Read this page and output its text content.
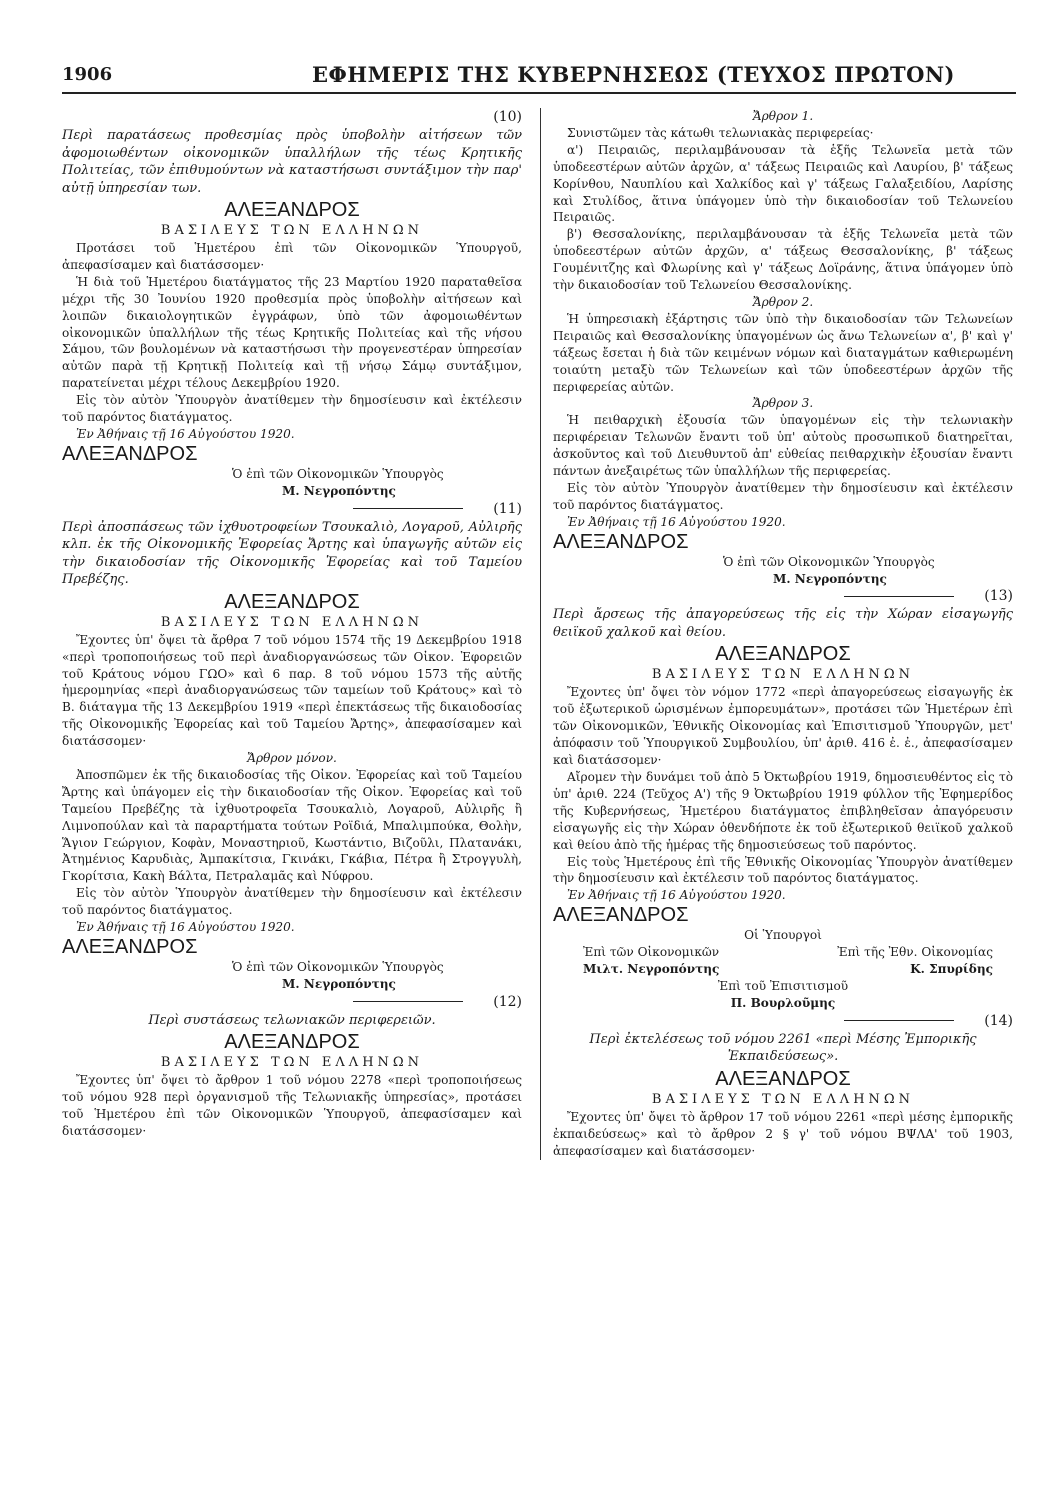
1906	ΕΦΗΜΕΡΙΣ ΤΗΣ ΚΥΒΕΡΝΗΣΕΩΣ (ΤΕΥΧΟΣ ΠΡΩΤΟΝ)
(10)
Περὶ παρατάσεως προθεσμίας πρὸς ὑποβολὴν αἰτήσεων τῶν ἀφομοιωθέντων οἰκονομικῶν ὑπαλλήλων τῆς τέως Κρητικῆς Πολιτείας, τῶν ἐπιθυμούντων νὰ καταστήσωσι συντάξιμον τὴν παρ' αὐτῇ ὑπηρεσίαν των.
ΑΛΕΞΑΝΔΡΟΣ
ΒΑΣΙΛΕΥΣ ΤΩΝ ΕΛΛΗΝΩΝ
Προτάσει τοῦ Ἡμετέρου ἐπὶ τῶν Οἰκονομικῶν Ὑπουργοῦ, ἀπεφασίσαμεν καὶ διατάσσομεν·
Ἡ διὰ τοῦ Ἡμετέρου διατάγματος τῆς 23 Μαρτίου 1920 παραταθεῖσα μέχρι τῆς 30 Ἰουνίου 1920 προθεσμία πρὸς ὑποβολὴν αἰτήσεων καὶ λοιπῶν δικαιολογητικῶν ἐγγράφων, ὑπὸ τῶν ἀφομοιωθέντων οἰκονομικῶν ὑπαλλήλων τῆς τέως Κρητικῆς Πολιτείας καὶ τῆς νήσου Σάμου, τῶν βουλομένων νὰ καταστήσωσι τὴν προγενεστέραν ὑπηρεσίαν αὐτῶν παρὰ τῇ Κρητικῇ Πολιτείᾳ καὶ τῇ νήσῳ Σάμῳ συντάξιμον, παρατείνεται μέχρι τέλους Δεκεμβρίου 1920.
Εἰς τὸν αὐτὸν Ὑπουργὸν ἀνατίθεμεν τὴν δημοσίευσιν καὶ ἐκτέλεσιν τοῦ παρόντος διατάγματος.
Ἐν Ἀθήναις τῇ 16 Αὐγούστου 1920.
ΑΛΕΞΑΝΔΡΟΣ
Ὁ ἐπὶ τῶν Οἰκονομικῶν Ὑπουργὸς
Μ. Νεγροπόντης
(11)
Περὶ ἀποσπάσεως τῶν ἰχθυοτροφείων Τσουκαλιὸ, Λογαροῦ, Αὐλιρῆς κλπ. ἐκ τῆς Οἰκονομικῆς Ἐφορείας Ἄρτης καὶ ὑπαγωγῆς αὐτῶν εἰς τὴν δικαιοδοσίαν τῆς Οἰκονομικῆς Ἐφορείας καὶ τοῦ Ταμείου Πρεβέζης.
ΑΛΕΞΑΝΔΡΟΣ
ΒΑΣΙΛΕΥΣ ΤΩΝ ΕΛΛΗΝΩΝ
Ἔχοντες ὑπ' ὄψει τὰ ἄρθρα 7 τοῦ νόμου 1574 τῆς 19 Δεκεμβρίου 1918 «περὶ τροποποιήσεως τοῦ περὶ ἀναδιοργανώσεως τῶν Οἰκον. Ἐφορειῶν τοῦ Κράτους νόμου ΓΩΟ» καὶ 6 παρ. 8 τοῦ νόμου 1573 τῆς αὐτῆς ἡμερομηνίας «περὶ ἀναδιοργανώσεως τῶν ταμείων τοῦ Κράτους» καὶ τὸ Β. διάταγμα τῆς 13 Δεκεμβρίου 1919 «περὶ ἐπεκτάσεως τῆς δικαιοδοσίας τῆς Οἰκονομικῆς Ἐφορείας καὶ τοῦ Ταμείου Ἄρτης», ἀπεφασίσαμεν καὶ διατάσσομεν·
Ἄρθρον μόνον.
Ἀποσπῶμεν ἐκ τῆς δικαιοδοσίας τῆς Οἰκον. Ἐφορείας καὶ τοῦ Ταμείου Ἄρτης καὶ ὑπάγομεν εἰς τὴν δικαιοδοσίαν τῆς Οἰκον. Ἐφορείας καὶ τοῦ Ταμείου Πρεβέζης τὰ ἰχθυοτροφεῖα Τσουκαλιὸ, Λογαροῦ, Αὐλιρῆς ἢ Λιμνοπούλαν καὶ τὰ παραρτήματα τούτων Ροϊδιά, Μπαλιμπούκα, Θολὴν, Ἅγιον Γεώργιον, Κοφὰν, Μοναστηριοῦ, Κωστάντιο, Βιζοῦλι, Πλατανάκι, Ἀτημένιος Καρυδιὰς, Ἀμπακίτσια, Γκινάκι, Γκάβια, Πέτρα ἢ Στρογγυλὴ, Γκορίτσια, Κακὴ Βάλτα, Πετραλαμᾶς καὶ Νύφρου.
Εἰς τὸν αὐτὸν Ὑπουργὸν ἀνατίθεμεν τὴν δημοσίευσιν καὶ ἐκτέλεσιν τοῦ παρόντος διατάγματος.
Ἐν Ἀθήναις τῇ 16 Αὐγούστου 1920.
ΑΛΕΞΑΝΔΡΟΣ
Ὁ ἐπὶ τῶν Οἰκονομικῶν Ὑπουργὸς
Μ. Νεγροπόντης
(12)
Περὶ συστάσεως τελωνιακῶν περιφερειῶν.
ΑΛΕΞΑΝΔΡΟΣ
ΒΑΣΙΛΕΥΣ ΤΩΝ ΕΛΛΗΝΩΝ
Ἔχοντες ὑπ' ὄψει τὸ ἄρθρον 1 τοῦ νόμου 2278 «περὶ τροποποιήσεως τοῦ νόμου 928 περὶ ὀργανισμοῦ τῆς Τελωνιακῆς ὑπηρεσίας», προτάσει τοῦ Ἡμετέρου ἐπὶ τῶν Οἰκονομικῶν Ὑπουργοῦ, ἀπεφασίσαμεν καὶ διατάσσομεν·
Ἄρθρον 1.
Συνιστῶμεν τὰς κάτωθι τελωνιακὰς περιφερείας·
α') Πειραιῶς, περιλαμβάνουσαν τὰ ἑξῆς Τελωνεῖα μετὰ τῶν ὑποδεεστέρων αὐτῶν ἀρχῶν, α' τάξεως Πειραιῶς καὶ Λαυρίου, β' τάξεως Κορίνθου, Ναυπλίου καὶ Χαλκίδος καὶ γ' τάξεως Γαλαξειδίου, Λαρίσης καὶ Στυλίδος, ἅτινα ὑπάγομεν ὑπὸ τὴν δικαιοδοσίαν τοῦ Τελωνείου Πειραιῶς.
β') Θεσσαλονίκης, περιλαμβάνουσαν τὰ ἑξῆς Τελωνεῖα μετὰ τῶν ὑποδεεστέρων αὐτῶν ἀρχῶν, α' τάξεως Θεσσαλονίκης, β' τάξεως Γουμένιτζης καὶ Φλωρίνης καὶ γ' τάξεως Δοϊράνης, ἅτινα ὑπάγομεν ὑπὸ τὴν δικαιοδοσίαν τοῦ Τελωνείου Θεσσαλονίκης.
Ἄρθρον 2.
Ἡ ὑπηρεσιακὴ ἐξάρτησις τῶν ὑπὸ τὴν δικαιοδοσίαν τῶν Τελωνείων Πειραιῶς καὶ Θεσσαλονίκης ὑπαγομένων ὡς ἄνω Τελωνείων α', β' καὶ γ' τάξεως ἔσεται ἡ διὰ τῶν κειμένων νόμων καὶ διαταγμάτων καθιερωμένη τοιαύτη μεταξὺ τῶν Τελωνείων καὶ τῶν ὑποδεεστέρων ἀρχῶν τῆς περιφερείας αὐτῶν.
Ἄρθρον 3.
Ἡ πειθαρχικὴ ἐξουσία τῶν ὑπαγομένων εἰς τὴν τελωνιακὴν περιφέρειαν Τελωνῶν ἔναντι τοῦ ὑπ' αὐτοὺς προσωπικοῦ διατηρεῖται, ἀσκοῦντος καὶ τοῦ Διευθυντοῦ ἀπ' εὐθείας πειθαρχικὴν ἐξουσίαν ἔναντι πάντων ἀνεξαιρέτως τῶν ὑπαλλήλων τῆς περιφερείας.
Εἰς τὸν αὐτὸν Ὑπουργὸν ἀνατίθεμεν τὴν δημοσίευσιν καὶ ἐκτέλεσιν τοῦ παρόντος διατάγματος.
Ἐν Ἀθήναις τῇ 16 Αὐγούστου 1920.
ΑΛΕΞΑΝΔΡΟΣ
Ὁ ἐπὶ τῶν Οἰκονομικῶν Ὑπουργὸς
Μ. Νεγροπόντης
(13)
Περὶ ἄρσεως τῆς ἀπαγορεύσεως τῆς εἰς τὴν Χώραν εἰσαγωγῆς θειϊκοῦ χαλκοῦ καὶ θείου.
ΑΛΕΞΑΝΔΡΟΣ
ΒΑΣΙΛΕΥΣ ΤΩΝ ΕΛΛΗΝΩΝ
Ἔχοντες ὑπ' ὄψει τὸν νόμον 1772 «περὶ ἀπαγορεύσεως εἰσαγωγῆς ἐκ τοῦ ἐξωτερικοῦ ὡρισμένων ἐμπορευμάτων», προτάσει τῶν Ἡμετέρων ἐπὶ τῶν Οἰκονομικῶν, Ἐθνικῆς Οἰκονομίας καὶ Ἐπισιτισμοῦ Ὑπουργῶν, μετ' ἀπόφασιν τοῦ Ὑπουργικοῦ Συμβουλίου, ὑπ' ἀριθ. 416 ἐ. ἐ., ἀπεφασίσαμεν καὶ διατάσσομεν·
Αἴρομεν τὴν δυνάμει τοῦ ἀπὸ 5 Ὀκτωβρίου 1919, δημοσιευθέντος εἰς τὸ ὑπ' ἀριθ. 224 (Τεῦχος Α') τῆς 9 Ὀκτωβρίου 1919 φύλλον τῆς Ἐφημερίδος τῆς Κυβερνήσεως, Ἡμετέρου διατάγματος ἐπιβληθεῖσαν ἀπαγόρευσιν εἰσαγωγῆς εἰς τὴν Χώραν ὁθενδήποτε ἐκ τοῦ ἐξωτερικοῦ θειϊκοῦ χαλκοῦ καὶ θείου ἀπὸ τῆς ἡμέρας τῆς δημοσιεύσεως τοῦ παρόντος.
Εἰς τοὺς Ἡμετέρους ἐπὶ τῆς Ἐθνικῆς Οἰκονομίας Ὑπουργὸν ἀνατίθεμεν τὴν δημοσίευσιν καὶ ἐκτέλεσιν τοῦ παρόντος διατάγματος.
Ἐν Ἀθήναις τῇ 16 Αὐγούστου 1920.
ΑΛΕΞΑΝΔΡΟΣ
Οἱ Ὑπουργοὶ
Ἐπὶ τῶν Οἰκονομικῶν	Ἐπὶ τῆς Ἐθν. Οἰκονομίας
Μιλτ. Νεγροπόντης	Κ. Σπυρίδης
Ἐπὶ τοῦ Ἐπισιτισμοῦ
Π. Βουρλοῦμης
(14)
Περὶ ἐκτελέσεως τοῦ νόμου 2261 «περὶ Μέσης Ἐμπορικῆς Ἐκπαιδεύσεως».
ΑΛΕΞΑΝΔΡΟΣ
ΒΑΣΙΛΕΥΣ ΤΩΝ ΕΛΛΗΝΩΝ
Ἔχοντες ὑπ' ὄψει τὸ ἄρθρον 17 τοῦ νόμου 2261 «περὶ μέσης ἐμπορικῆς ἐκπαιδεύσεως» καὶ τὸ ἄρθρον 2 § γ' τοῦ νόμου ΒΨΛΑ' τοῦ 1903, ἀπεφασίσαμεν καὶ διατάσσομεν·
